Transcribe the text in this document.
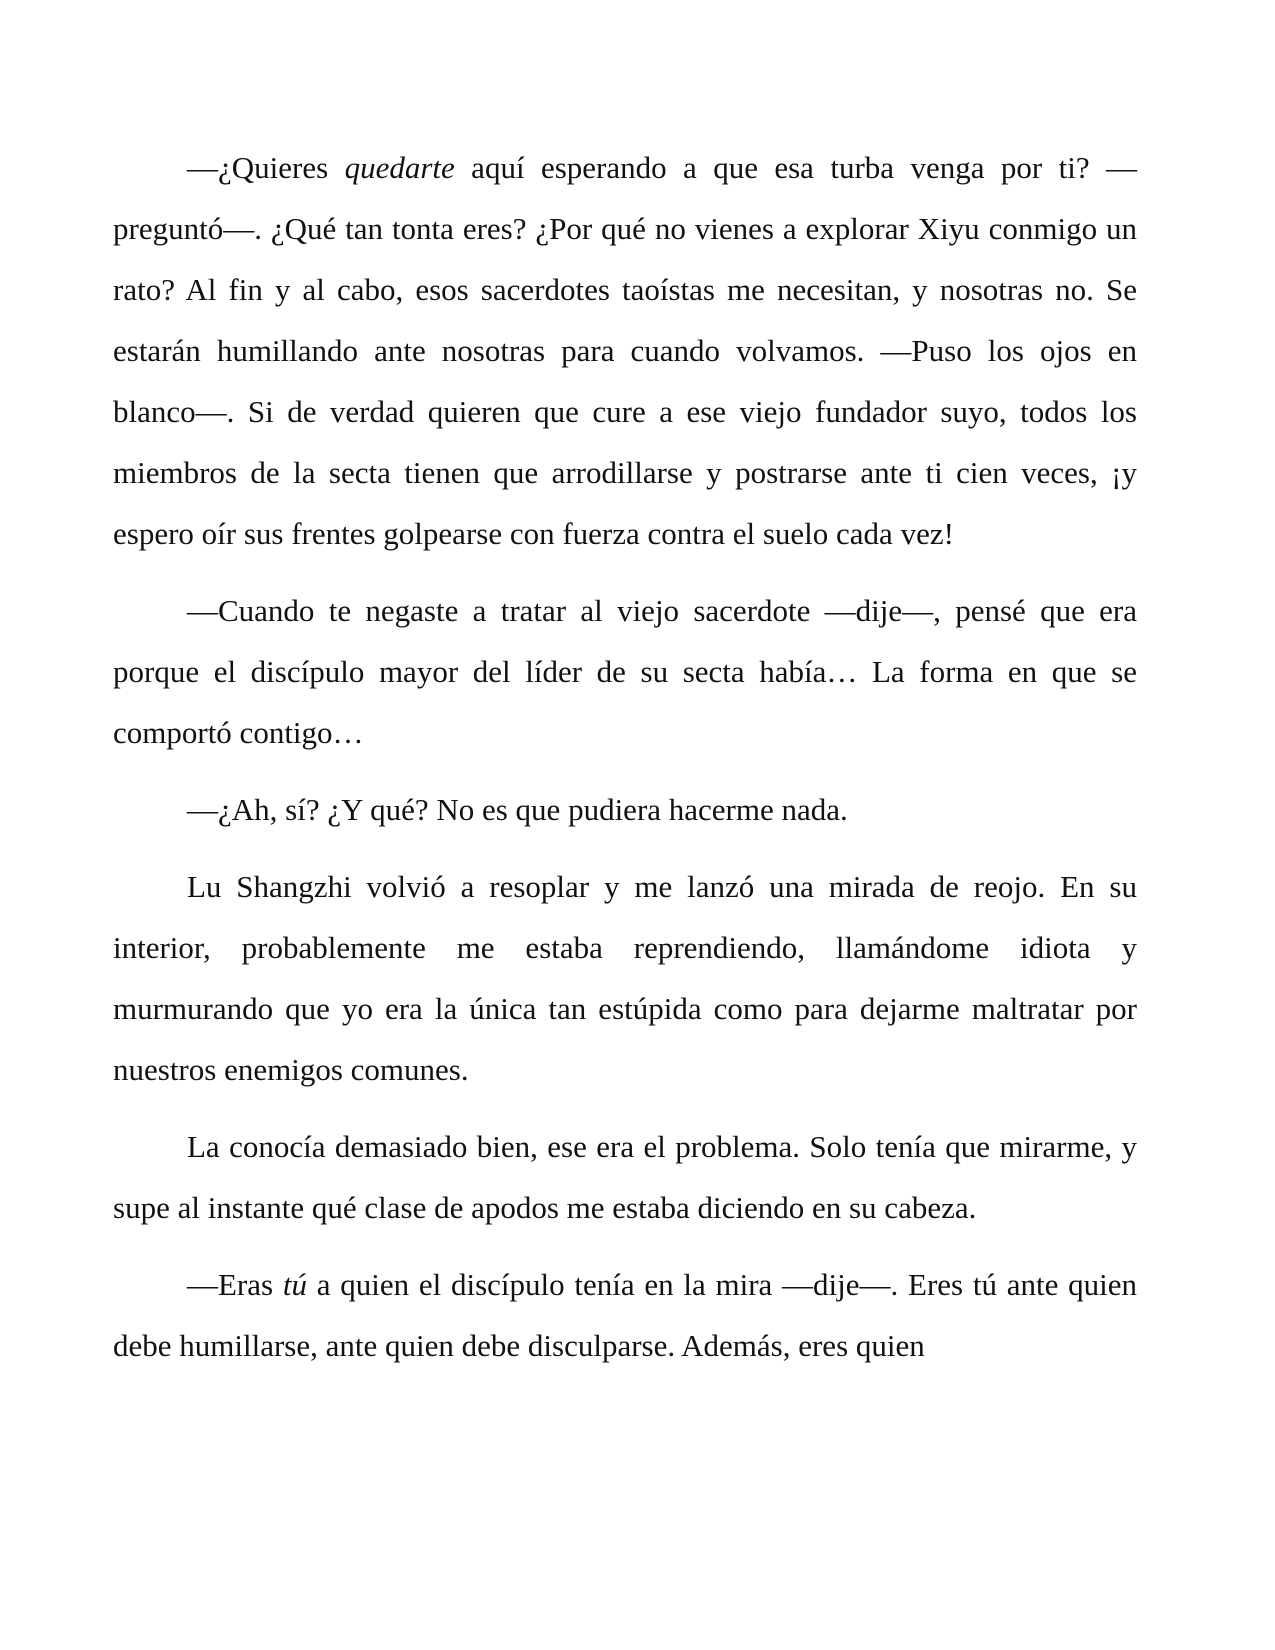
—¿Quieres quedarte aquí esperando a que esa turba venga por ti? —preguntó—. ¿Qué tan tonta eres? ¿Por qué no vienes a explorar Xiyu conmigo un rato? Al fin y al cabo, esos sacerdotes taoístas me necesitan, y nosotras no. Se estarán humillando ante nosotras para cuando volvamos. —Puso los ojos en blanco—. Si de verdad quieren que cure a ese viejo fundador suyo, todos los miembros de la secta tienen que arrodillarse y postrarse ante ti cien veces, ¡y espero oír sus frentes golpearse con fuerza contra el suelo cada vez!

—Cuando te negaste a tratar al viejo sacerdote —dije—, pensé que era porque el discípulo mayor del líder de su secta había… La forma en que se comportó contigo…

—¿Ah, sí? ¿Y qué? No es que pudiera hacerme nada.

Lu Shangzhi volvió a resoplar y me lanzó una mirada de reojo. En su interior, probablemente me estaba reprendiendo, llamándome idiota y murmurando que yo era la única tan estúpida como para dejarme maltratar por nuestros enemigos comunes.

La conocía demasiado bien, ese era el problema. Solo tenía que mirarme, y supe al instante qué clase de apodos me estaba diciendo en su cabeza.

—Eras tú a quien el discípulo tenía en la mira —dije—. Eres tú ante quien debe humillarse, ante quien debe disculparse. Además, eres quien
